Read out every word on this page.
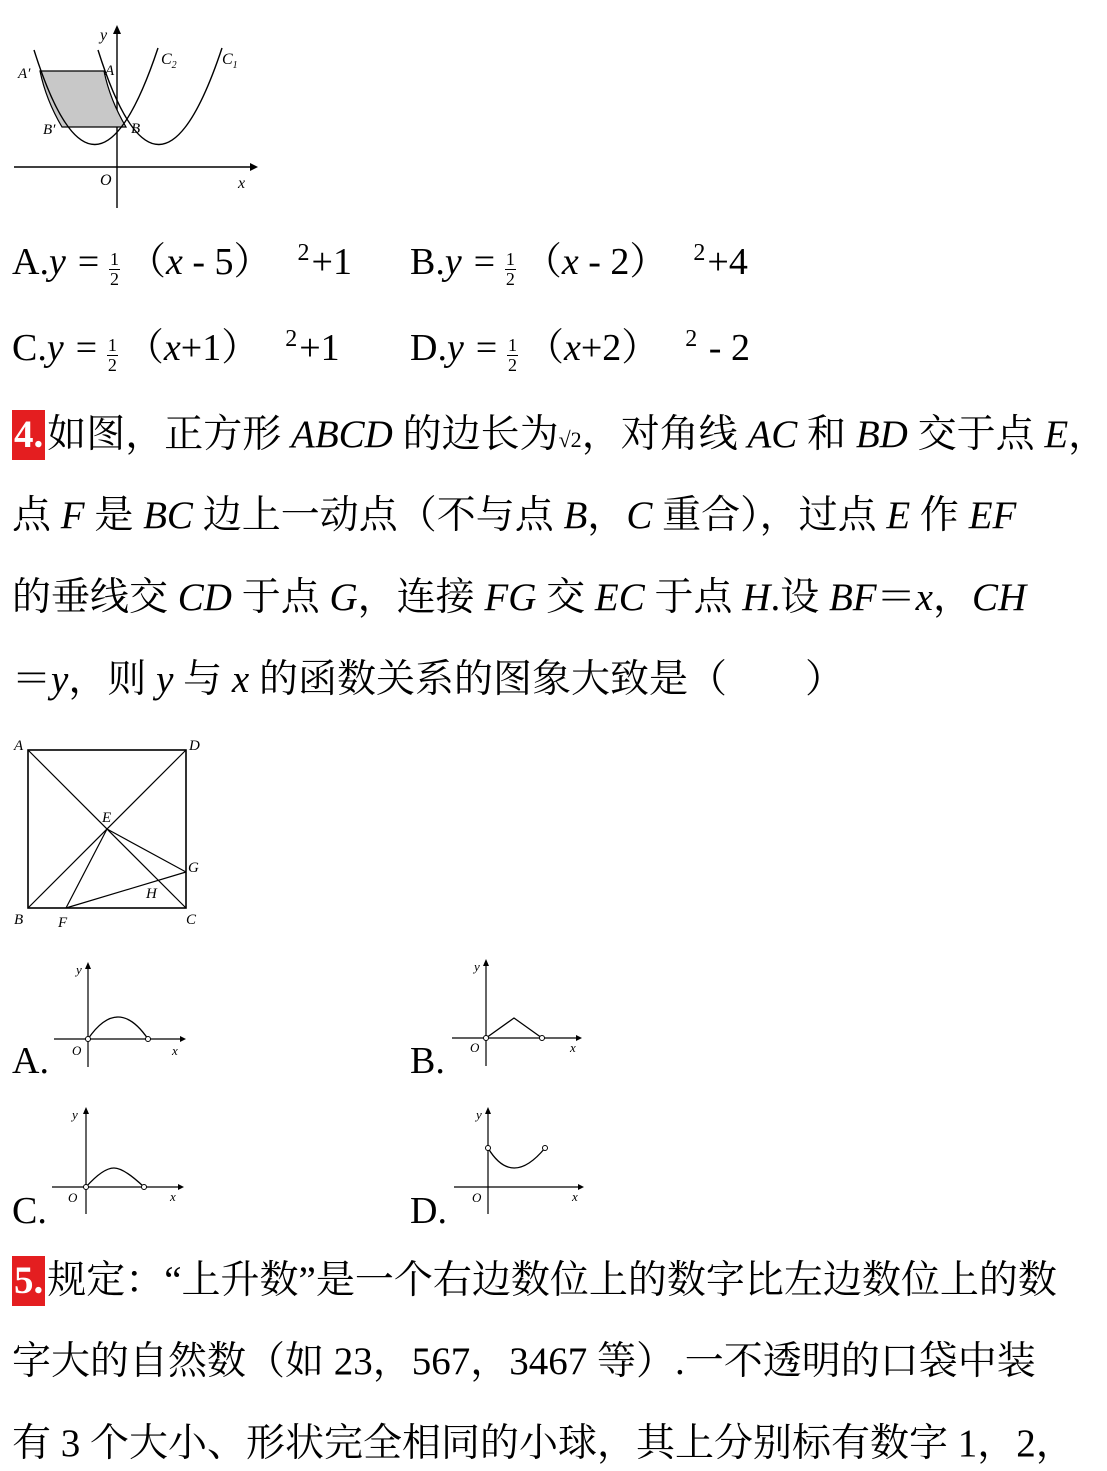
y
x
O
A′	A
B′	B
$C_2$	$C_1$
$A.y = \frac{1}{2} (x - 5)$ $^2$+1 $B.y = \frac{1}{2} (x - 2)$ $^2$+4
$C.y = \frac{1}{2} (x+1)$ $^2$+1 $D.y = \frac{1}{2} (x+2)$ $^2$ - 2
4. 如图，正方形 ABCD 的边长为√2，对角线 AC 和 BD 交于点 E，
点 F 是 BC 边上一动点（不与点 B，C 重合），过点 E 作 EF
的垂线交 CD 于点 G，连接 FG 交 EC 于点 H.设 BF＝x，CH
＝y，则 y 与 x 的函数关系的图象大致是（　　）
A	D
E
G
H
B F	C
A.
y
x
O	B.
y
x
O
C.
y
x
O	D.
y
x
O
5. 规定：“上升数”是一个右边数位上的数字比左边数位上的数
字大的自然数（如 23，567，3467 等）.一不透明的口袋中装
有 3 个大小、形状完全相同的小球，其上分别标有数字 1，2，
